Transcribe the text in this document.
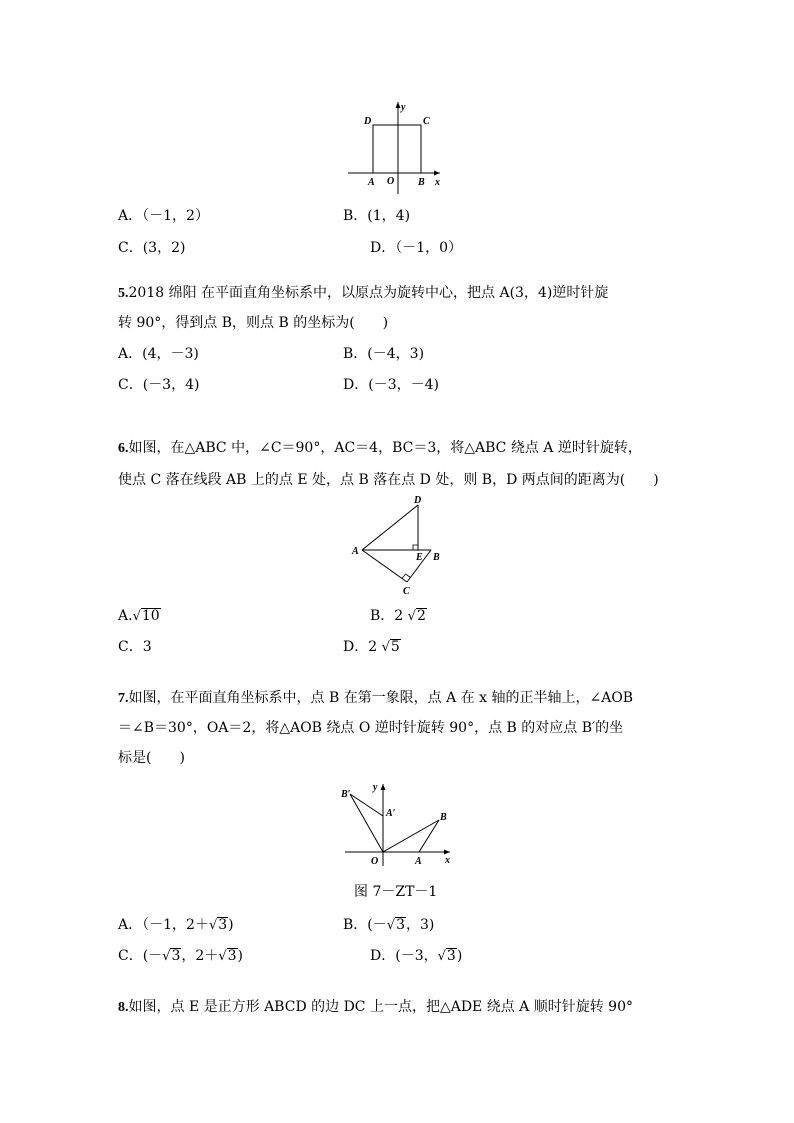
D	C
y
A O B x
A．（－1，2）	B．(1，4)
C．(3，2)	D．（－1，0）
5.2018 绵阳 在平面直角坐标系中，以原点为旋转中心，把点 A(3，4)逆时针旋
转 90°，得到点 B，则点 B 的坐标为(　　)
A．(4，－3)	B．(－4，3)
C．(－3，4)	D．(－3，－4)
6.如图，在△ABC 中，∠C＝90°，AC＝4，BC＝3，将△ABC 绕点 A 逆时针旋转，
使点 C 落在线段 AB 上的点 E 处，点 B 落在点 D 处，则 B，D 两点间的距离为(　　)
D
A
E B
C
A.√10	B．2 √2
C．3	D．2 √5
7.如图，在平面直角坐标系中，点 B 在第一象限，点 A 在 x 轴的正半轴上，∠AOB
＝∠B＝30°，OA＝2，将△AOB 绕点 O 逆时针旋转 90°，点 B 的对应点 B′的坐
标是(　　)
B′
y
A′	B
O	A x
图 7－ZT－1
A．（－1，2＋√3)	B．(－√3，3)
C．(－√3，2＋√3)	D．(－3，√3)
8.如图，点 E 是正方形 ABCD 的边 DC 上一点，把△ADE 绕点 A 顺时针旋转 90°
